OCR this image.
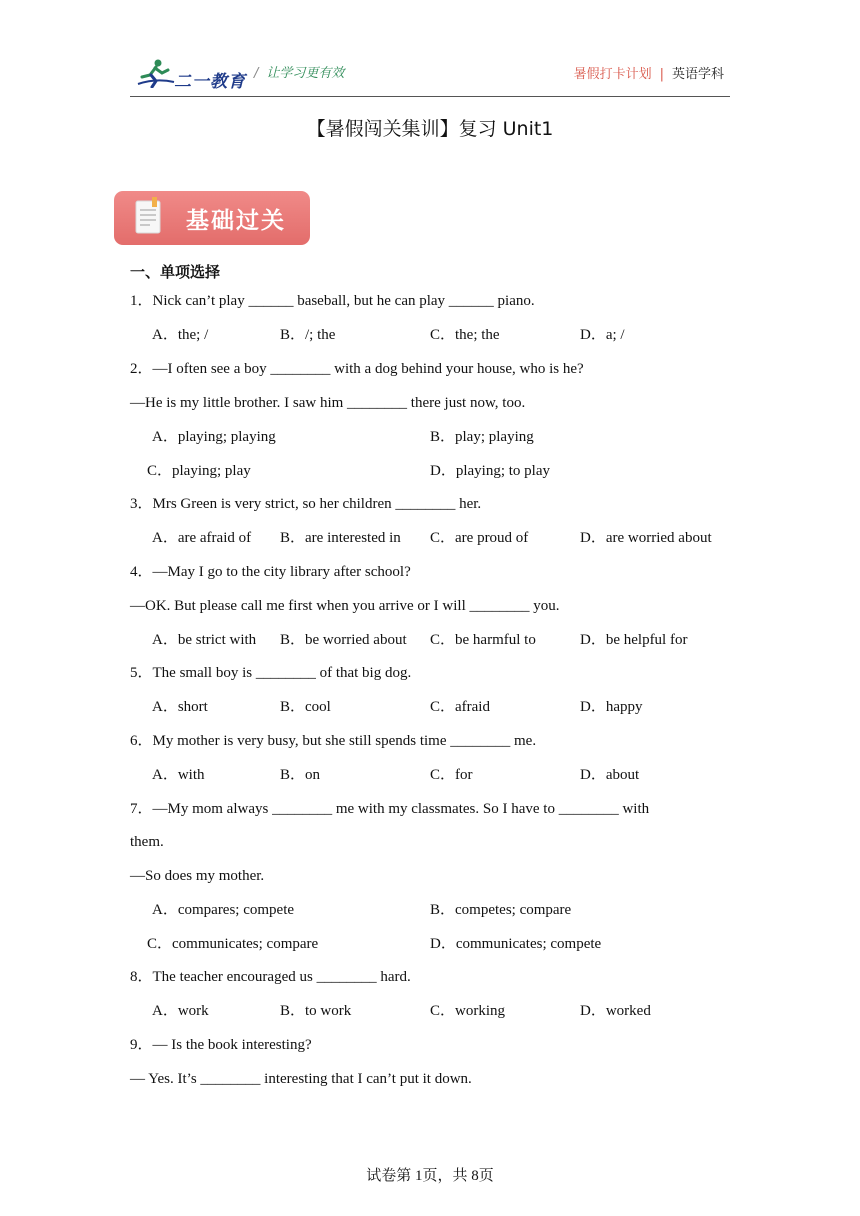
二一教育 / 让学习更有效	暑假打卡计划 | 英语学科
【暑假闯关集训】复习 Unit1
基础过关
一、单项选择
1．Nick can’t play ______ baseball, but he can play ______ piano.
A．the; /	B．/; the	C．the; the	D．a; /
2．—I often see a boy ________ with a dog behind your house, who is he?
—He is my little brother. I saw him ________ there just now, too.
A．playing; playing	B．play; playing
C．playing; play	D．playing; to play
3．Mrs Green is very strict, so her children ________ her.
A．are afraid of B．are interested in C．are proud of	D．are worried about
4．—May I go to the city library after school?
—OK. But please call me first when you arrive or I will ________ you.
A．be strict with B．be worried about C．be harmful to	D．be helpful for
5．The small boy is ________ of that big dog.
A．short	B．cool	C．afraid	D．happy
6．My mother is very busy, but she still spends time ________ me.
A．with	B．on	C．for	D．about
7．—My mom always ________ me with my classmates. So I have to ________ with
them.
—So does my mother.
A．compares; compete	B．competes; compare
C．communicates; compare	D．communicates; compete
8．The teacher encouraged us ________ hard.
A．work	B．to work	C．working	D．worked
9．— Is the book interesting?
— Yes. It’s ________ interesting that I can’t put it down.
试卷第 1页，共 8页
